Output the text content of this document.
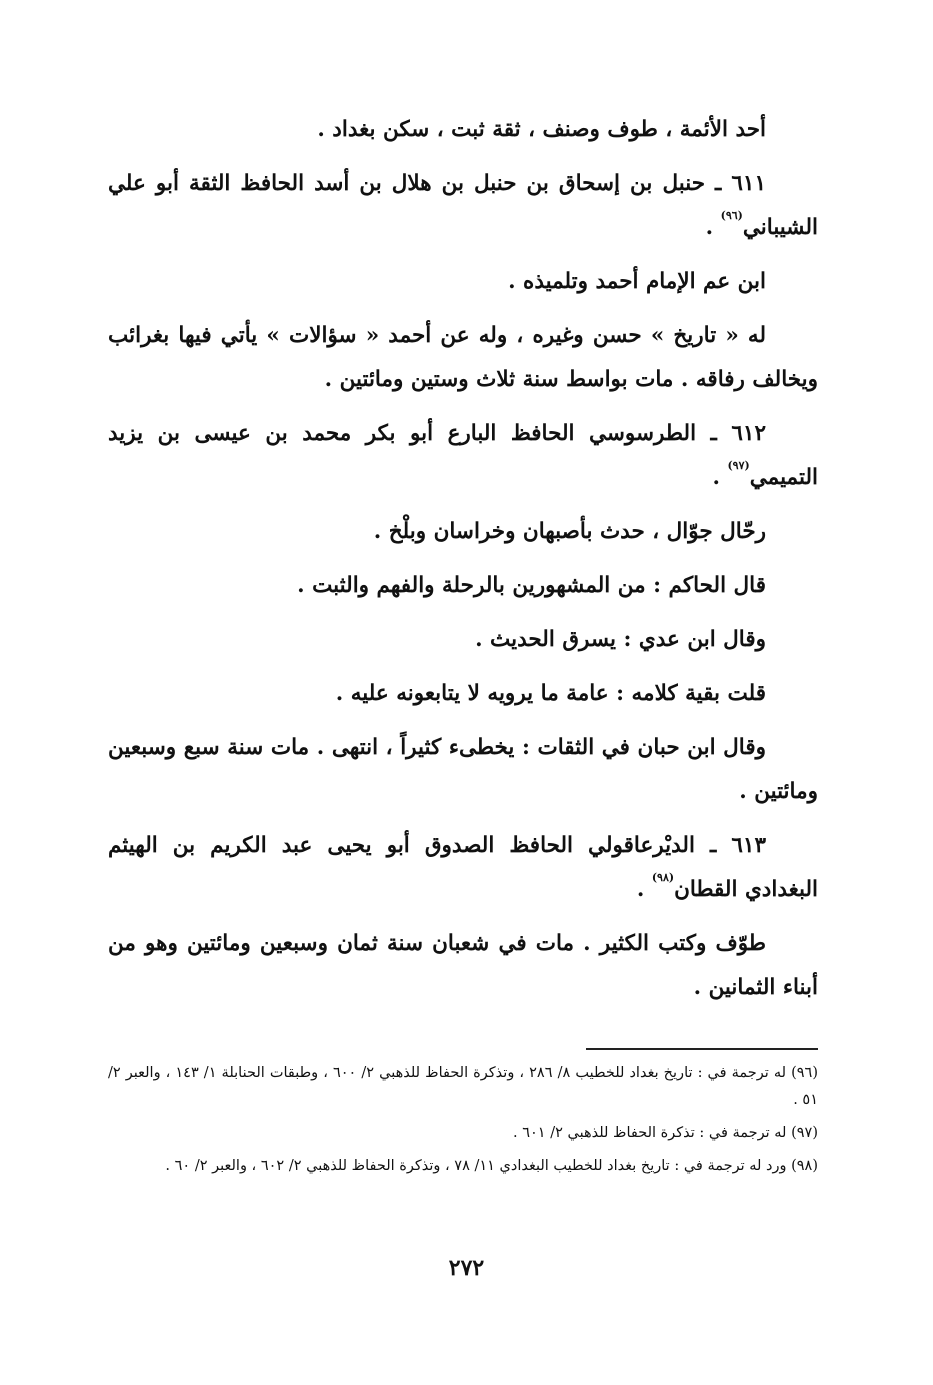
أحد الأئمة ، طوف وصنف ، ثقة ثبت ، سكن بغداد .

٦١١ ـ حنبل بن إسحاق بن حنبل بن هلال بن أسد الحافظ الثقة أبو علي الشيباني$^{(٩٦)}$ .

ابن عم الإمام أحمد وتلميذه .

له « تاريخ » حسن وغيره ، وله عن أحمد « سؤالات » يأتي فيها بغرائب ويخالف رفاقه . مات بواسط سنة ثلاث وستين ومائتين .

٦١٢ ـ الطرسوسي الحافظ البارع أبو بكر محمد بن عيسى بن يزيد التميمي$^{(٩٧)}$ .

رحّال جوّال ، حدث بأصبهان وخراسان وبلْخ .

قال الحاكم : من المشهورين بالرحلة والفهم والثبت .

وقال ابن عدي : يسرق الحديث .

قلت بقية كلامه : عامة ما يرويه لا يتابعونه عليه .

وقال ابن حبان في الثقات : يخطىء كثيراً ، انتهى . مات سنة سبع وسبعين ومائتين .

٦١٣ ـ الديْرعاقولي الحافظ الصدوق أبو يحيى عبد الكريم بن الهيثم البغدادي القطان$^{(٩٨)}$ .

طوّف وكتب الكثير . مات في شعبان سنة ثمان وسبعين ومائتين وهو من أبناء الثمانين .

(٩٦) له ترجمة في : تاريخ بغداد للخطيب ٨/ ٢٨٦ ، وتذكرة الحفاظ للذهبي ٢/ ٦٠٠ ، وطبقات الحنابلة ١/ ١٤٣ ، والعبر ٢/ ٥١ .

(٩٧) له ترجمة في : تذكرة الحفاظ للذهبي ٢/ ٦٠١ .

(٩٨) ورد له ترجمة في : تاريخ بغداد للخطيب البغدادي ١١/ ٧٨ ، وتذكرة الحفاظ للذهبي ٢/ ٦٠٢ ، والعبر ٢/ ٦٠ .

٢٧٢
